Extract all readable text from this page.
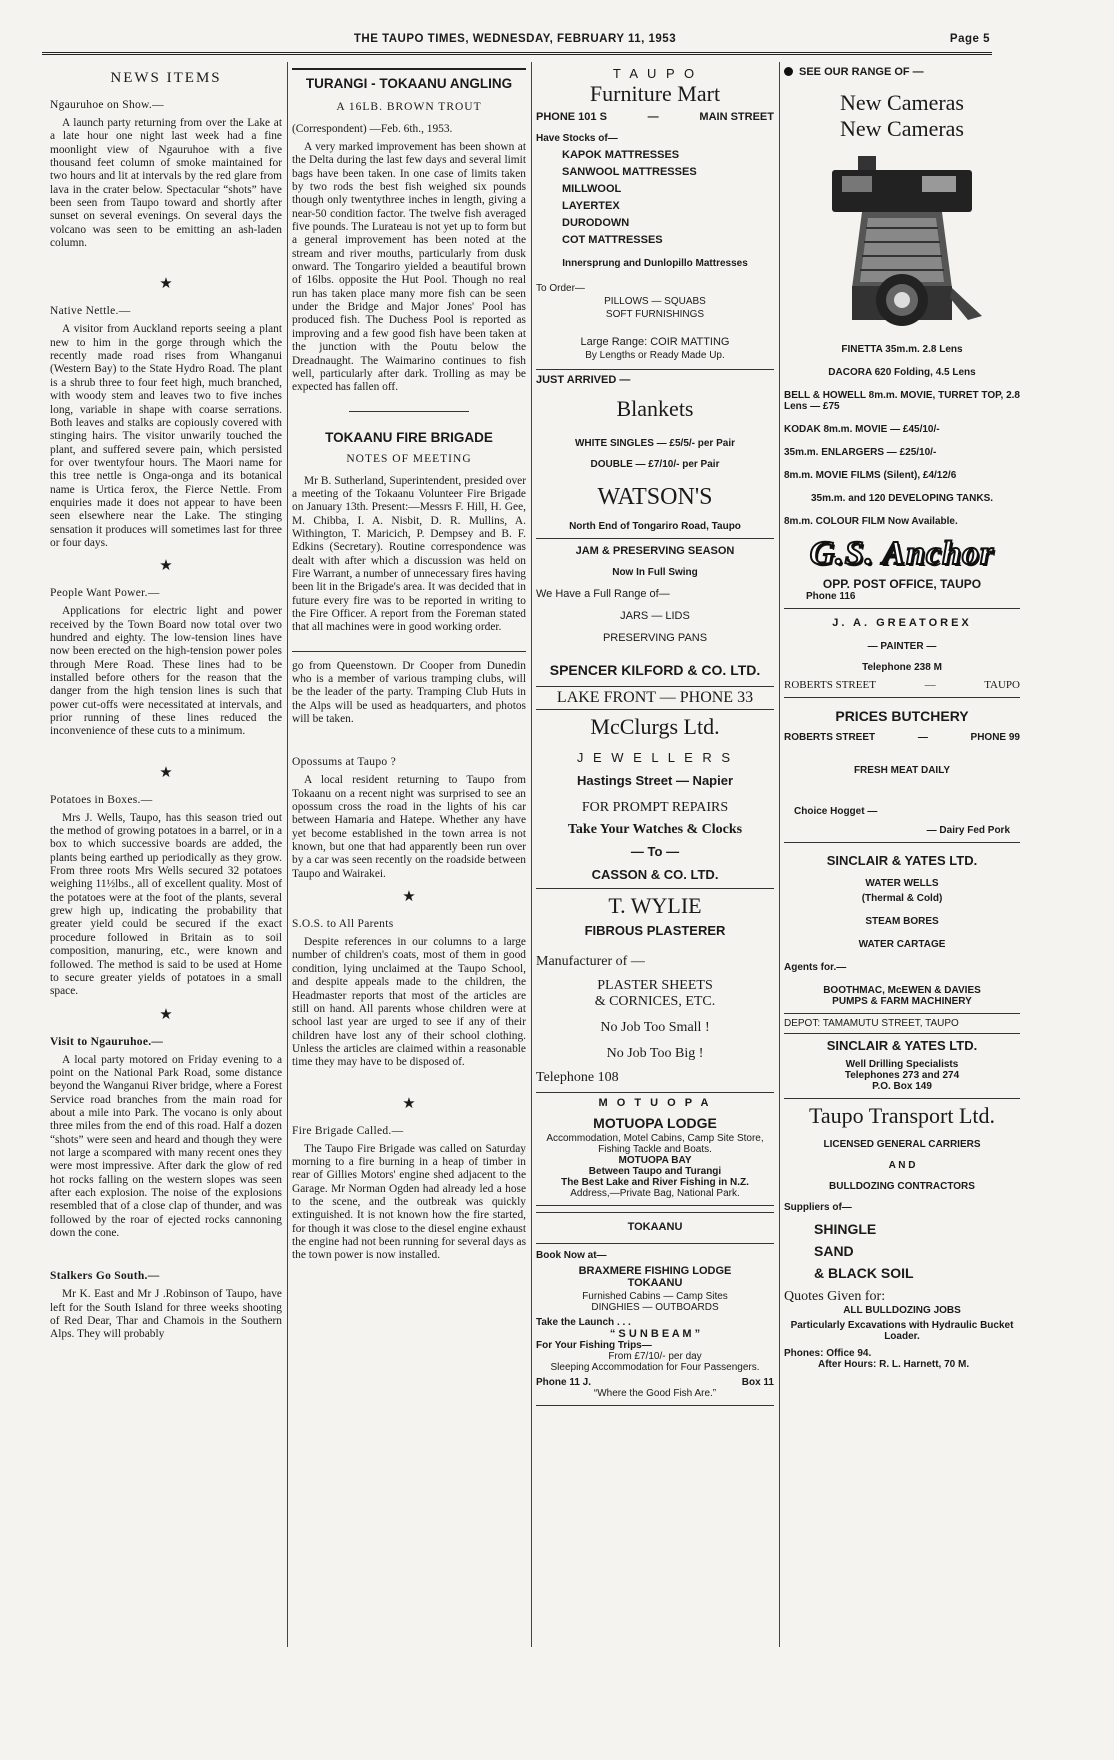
THE TAUPO TIMES, WEDNESDAY, FEBRUARY 11, 1953	Page 5
NEWS ITEMS
Ngauruhoe on Show.—

A launch party returning from over the Lake at a late hour one night last week had a fine moonlight view of Ngauruhoe with a five thousand feet column of smoke maintained for two hours and lit at intervals by the red glare from lava in the crater below. Spectacular “shots” have been seen from Taupo toward and shortly after sunset on several evenings. On several days the volcano was seen to be emitting an ash-laden column.

★
Native Nettle.—

A visitor from Auckland reports seeing a plant new to him in the gorge through which the recently made road rises from Whanganui (Western Bay) to the State Hydro Road. The plant is a shrub three to four feet high, much branched, with woody stem and leaves two to five inches long, variable in shape with coarse serrations. Both leaves and stalks are copiously covered with stinging hairs. The visitor unwarily touched the plant, and suffered severe pain, which persisted for over twentyfour hours. The Maori name for this tree nettle is Onga-onga and its botanical name is Urtica ferox, the Fierce Nettle. From enquiries made it does not appear to have been seen elsewhere near the Lake. The stinging sensation it produces will sometimes last for three or four days.

★
People Want Power.—

Applications for electric light and power received by the Town Board now total over two hundred and eighty. The low-tension lines have now been erected on the high-tension power poles through Mere Road. These lines had to be installed before others for the reason that the danger from the high tension lines is such that power cut-offs were necessitated at intervals, and prior running of these lines reduced the inconvenience of these cuts to a minimum.

★
Potatoes in Boxes.—

Mrs J. Wells, Taupo, has this season tried out the method of growing potatoes in a barrel, or in a box to which successive boards are added, the plants being earthed up periodically as they grow. From three roots Mrs Wells secured 32 potatoes weighing 11½lbs., all of excellent quality. Most of the potatoes were at the foot of the plants, several grew high up, indicating the probability that greater yield could be secured if the exact procedure followed in Britain as to soil composition, manuring, etc., were known and followed. The method is said to be used at Home to secure greater yields of potatoes in a small space.

★
Visit to Ngauruhoe.—

A local party motored on Friday evening to a point on the National Park Road, some distance beyond the Wanganui River bridge, where a Forest Service road branches from the main road for about a mile into Park. The vocano is only about three miles from the end of this road. Half a dozen “shots” were seen and heard and though they were not large a scompared with many recent ones they were most impressive. After dark the glow of red hot rocks falling on the western slopes was seen after each explosion. The noise of the explosions resembled that of a close clap of thunder, and was followed by the roar of ejected rocks cannoning down the cone.

Stalkers Go South.—

Mr K. East and Mr J .Robinson of Taupo, have left for the South Island for three weeks shooting of Red Dear, Thar and Chamois in the Southern Alps. They will probably

TURANGI - TOKAANU ANGLING
A 16LB. BROWN TROUT
(Correspondent) —Feb. 6th., 1953.

A very marked improvement has been shown at the Delta during the last few days and several limit bags have been taken. In one case of limits taken by two rods the best fish weighed six pounds though only twentythree inches in length, giving a near-50 condition factor. The twelve fish averaged five pounds. The Lurateau is not yet up to form but a general improvement has been noted at the stream and river mouths, particularly from dusk onward. The Tongariro yielded a beautiful brown of 16lbs. opposite the Hut Pool. Though no real run has taken place many more fish can be seen under the Bridge and Major Jones' Pool has produced fish. The Duchess Pool is reported as improving and a few good fish have been taken at the junction with the Poutu below the Dreadnaught. The Waimarino continues to fish well, particularly after dark. Trolling as may be expected has fallen off.

TOKAANU FIRE BRIGADE
NOTES OF MEETING

Mr B. Sutherland, Superintendent, presided over a meeting of the Tokaanu Volunteer Fire Brigade on January 13th. Present:—Messrs F. Hill, H. Gee, M. Chibba, I. A. Nisbit, D. R. Mullins, A. Withington, T. Maricich, P. Dempsey and B. F. Edkins (Secretary). Routine correspondence was dealt with after which a discussion was held on Fire Warrant, a number of unnecessary fires having been lit in the Brigade's area. It was decided that in future every fire was to be reported in writing to the Fire Officer. A report from the Foreman stated that all machines were in good working order.

go from Queenstown. Dr Cooper from Dunedin who is a member of various tramping clubs, will be the leader of the party. Tramping Club Huts in the Alps will be used as headquarters, and photos will be taken.

Opossums at Taupo ?

A local resident returning to Taupo from Tokaanu on a recent night was surprised to see an opossum cross the road in the lights of his car between Hamaria and Hatepe. Whether any have yet become established in the town arrea is not known, but one that had apparently been run over by a car was seen recently on the roadside between Taupo and Wairakei.

★
S.O.S. to All Parents

Despite references in our columns to a large number of children's coats, most of them in good condition, lying unclaimed at the Taupo School, and despite appeals made to the children, the Headmaster reports that most of the articles are still on hand. All parents whose children were at school last year are urged to see if any of their children have lost any of their school clothing. Unless the articles are claimed within a reasonable time they may have to be disposed of.

★
Fire Brigade Called.—

The Taupo Fire Brigade was called on Saturday morning to a fire burning in a heap of timber in rear of Gillies Motors' engine shed adjacent to the Garage. Mr Norman Ogden had already led a hose to the scene, and the outbreak was quickly extinguished. It is not known how the fire started, for though it was close to the diesel engine exhaust the engine had not been running for several days as the town power is now installed.

T A U P O
Furniture Mart
PHONE 101 S	—	MAIN STREET
Have Stocks of—
KAPOK MATTRESSES
SANWOOL MATTRESSES
MILLWOOL
LAYERTEX
DURODOWN
COT MATTRESSES
Innersprung and Dunlopillo Mattresses
To Order—
PILLOWS — SQUABS
SOFT FURNISHINGS
Large Range: COIR MATTING
By Lengths or Ready Made Up.
JUST ARRIVED —
Blankets
WHITE SINGLES — £5/5/- per Pair
DOUBLE — £7/10/- per Pair
WATSON'S
North End of Tongariro Road, Taupo
JAM & PRESERVING SEASON
Now In Full Swing
We Have a Full Range of—
JARS — LIDS
PRESERVING PANS
SPENCER KILFORD & CO. LTD.
LAKE FRONT — PHONE 33
McClurgs Ltd.
J E W E L L E R S
Hastings Street — Napier
FOR PROMPT REPAIRS
Take Your Watches & Clocks
— To —
CASSON & CO. LTD.
T. WYLIE
FIBROUS PLASTERER
Manufacturer of —
PLASTER SHEETS
& CORNICES, ETC.
No Job Too Small !
No Job Too Big !
Telephone 108
M O T U O P A
MOTUOPA LODGE
Accommodation, Motel Cabins, Camp Site Store, Fishing Tackle and Boats.
MOTUOPA BAY
Between Taupo and Turangi
The Best Lake and River Fishing in N.Z.
Address,—Private Bag, National Park.
TOKAANU
Book Now at—
BRAXMERE FISHING LODGE
TOKAANU
Furnished Cabins — Camp Sites
DINGHIES — OUTBOARDS
Take the Launch . . .
“ S U N B E A M ”
For Your Fishing Trips—
From £7/10/- per day
Sleeping Accommodation for Four Passengers.
Phone 11 J.	Box 11
“Where the Good Fish Are.”
SEE OUR RANGE OF —
New Cameras
New Cameras
FINETTA 35m.m. 2.8 Lens
DACORA 620 Folding, 4.5 Lens
BELL & HOWELL 8m.m. MOVIE, TURRET TOP, 2.8 Lens — £75
KODAK 8m.m. MOVIE — £45/10/-
35m.m. ENLARGERS — £25/10/-
8m.m. MOVIE FILMS (Silent), £4/12/6
35m.m. and 120 DEVELOPING TANKS.
8m.m. COLOUR FILM Now Available.
G.S. Anchor
OPP. POST OFFICE, TAUPO
Phone 116
J. A. GREATOREX
— PAINTER —
Telephone 238 M
ROBERTS STREET	—	TAUPO
PRICES BUTCHERY
ROBERTS STREET	—	PHONE 99
FRESH MEAT DAILY
Choice Hogget —
— Dairy Fed Pork
SINCLAIR & YATES LTD.
WATER WELLS
(Thermal & Cold)
STEAM BORES
WATER CARTAGE
Agents for.—
BOOTHMAC, McEWEN & DAVIES
PUMPS & FARM MACHINERY
DEPOT: TAMAMUTU STREET, TAUPO
SINCLAIR & YATES LTD.
Well Drilling Specialists
Telephones 273 and 274
P.O. Box 149
Taupo Transport Ltd.
LICENSED GENERAL CARRIERS
A N D
BULLDOZING CONTRACTORS
Suppliers of—
SHINGLE
SAND
& BLACK SOIL
Quotes Given for:
ALL BULLDOZING JOBS
Particularly Excavations with Hydraulic Bucket Loader.
Phones: Office 94.
After Hours: R. L. Harnett, 70 M.
